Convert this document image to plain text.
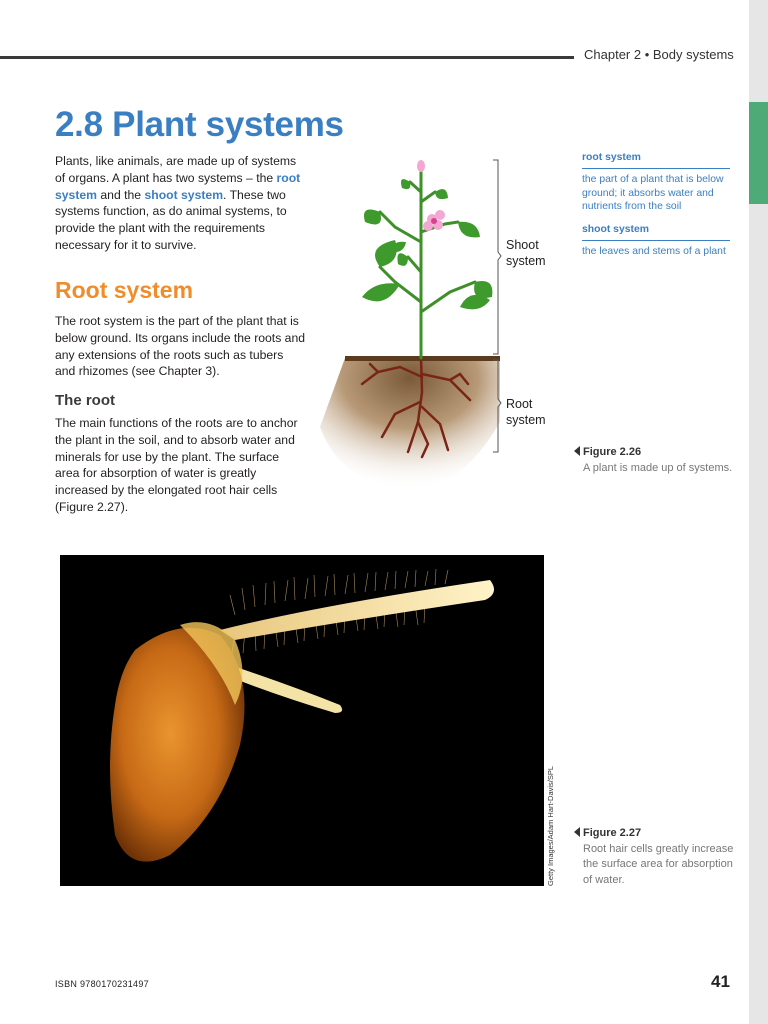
Chapter 2 • Body systems
2.8 Plant systems

Plants, like animals, are made up of systems of organs. A plant has two systems – the root system and the shoot system. These two systems function, as do animal systems, to provide the plant with the requirements necessary for it to survive.

Root system

The root system is the part of the plant that is below ground. Its organs include the roots and any extensions of the roots such as tubers and rhizomes (see Chapter 3).

The root

The main functions of the roots are to anchor the plant in the soil, and to absorb water and minerals for use by the plant. The surface area for absorption of water is greatly increased by the elongated root hair cells (Figure 2.27).

root system
the part of a plant that is below ground; it absorbs water and nutrients from the soil
shoot system
the leaves and stems of a plant
Shoot
system
Root
system
Figure 2.26
A plant is made up of systems.
Getty Images/Adam Hart-Davis/SPL	Figure 2.27
Root hair cells greatly increase the surface area for absorption of water.
ISBN 9780170231497	41
